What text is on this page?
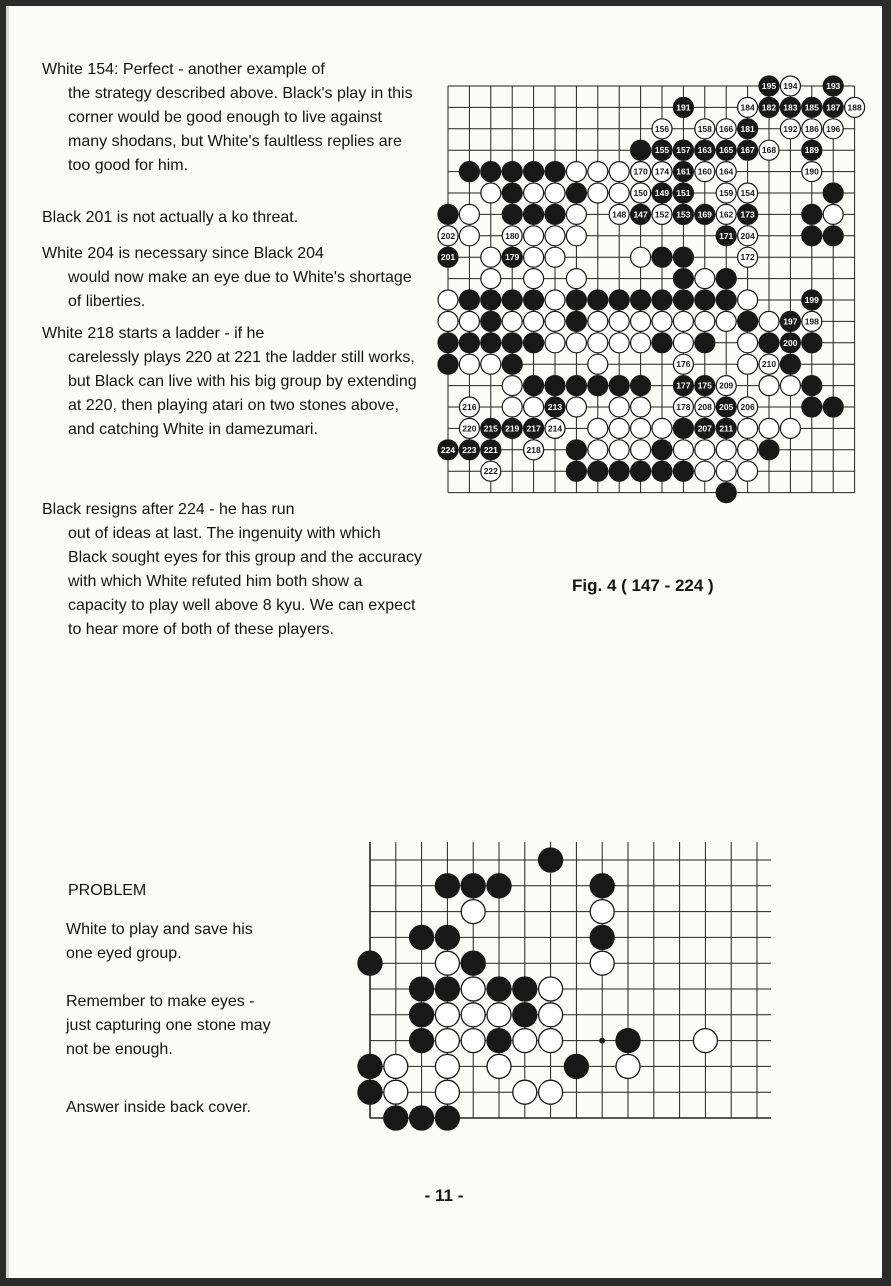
White 154: Perfect - another example of
the strategy described above. Black's play in this corner would be good enough to live against many shodans, but White's faultless replies are too good for him.
Black 201 is not actually a ko threat.
White 204 is necessary since Black 204
would now make an eye due to White's shortage of liberties.
White 218 starts a ladder - if he
carelessly plays 220 at 221 the ladder still works, but Black can live with his big group by extending at 220, then playing atari on two stones above, and catching White in damezumari.
Black resigns after 224 - he has run
out of ideas at last. The ingenuity with which Black sought eyes for this group and the accuracy with which White refuted him both show a capacity to play well above 8 kyu. We can expect to hear more of both of these players.
195 194	193
191	184 182 183 185 187 188
156	158 166 181	192 186 196
155 157 163 165 167 168	189
170 174 161 160 164	190
150 149 151	159 154
148 147 152 153 169 162 173
202	180	171 204
201	179	172
199
197 198
200
176	210
177 175 209
216	213	178 208 205 206
220 215 219 217 214	207 211
224 223 221	218
222
Fig. 4 ( 147 - 224 )
PROBLEM
White to play and save his one eyed group.
Remember to make eyes - just capturing one stone may not be enough.
Answer inside back cover.
- 11 -
